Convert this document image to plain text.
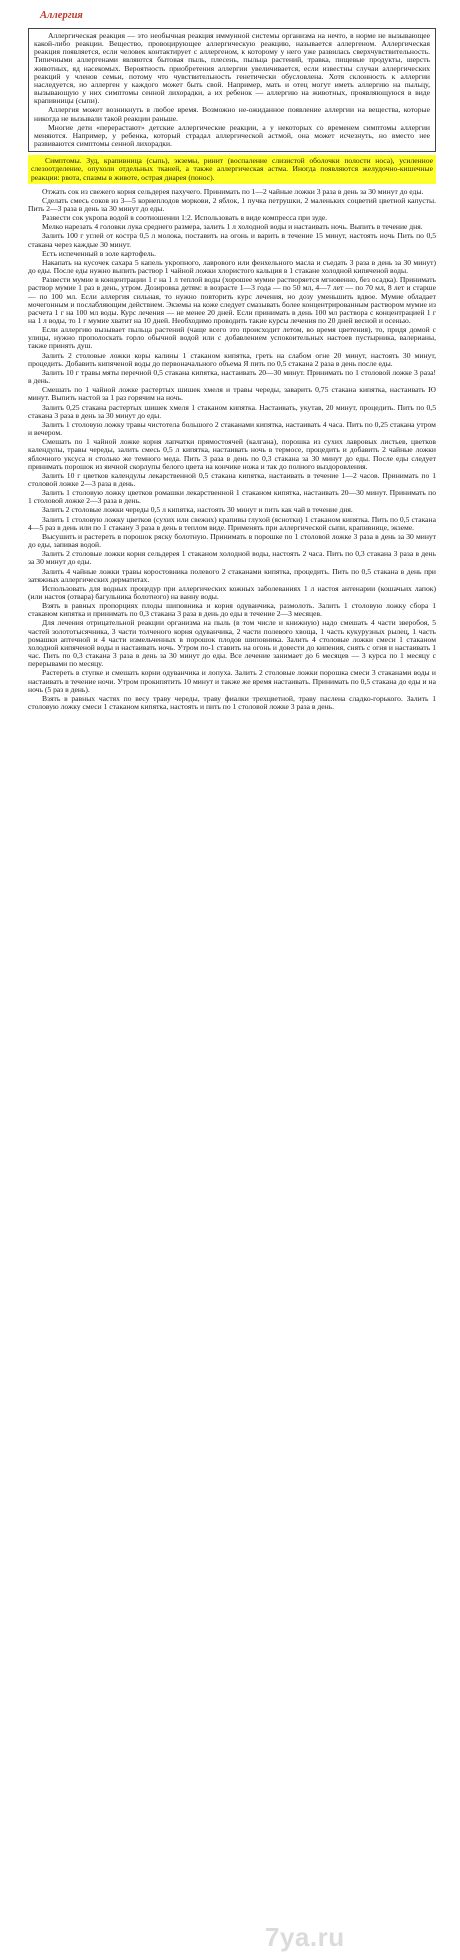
Аллергия

Аллергическая реакция — это необычная реакция иммунной системы организма на нечто, в норме не вызывающее какой-либо реакции. Вещество, провоцирующее аллергическую реакцию, называется аллергеном. Аллергическая реакция появляется, если человек контактирует с аллергеном, к которому у него уже развилась сверхчувствительность. Типичными аллергенами являются бытовая пыль, плесень, пыльца растений, травка, пищевые продукты, шерсть животных, яд насекомых. Вероятность приобретения аллергии увеличивается, если известны случаи аллергических реакций у членов семьи, потому что чувствительность генетически обусловлена. Хотя склонность к аллергии наследуется, но аллерген у каждого может быть свой. Например, мать и отец могут иметь аллергию на пыльцу, вызывающую у них симптомы сенной лихорадки, а их ребенок — аллергию на животных, проявляющуюся в виде крапивницы (сыпи).

Аллергия может возникнуть в любое время. Возможно не-ожиданное появление аллергии на вещества, которые никогда не вызывали такой реакции раньше.

Многие дети «перерастают» детские аллергические реакции, а у некоторых со временем симптомы аллергии меняются. Например, у ребенка, который страдал аллергической астмой, она может исчезнуть, но вместо нее развиваются симптомы сенной лихорадки.

Симптомы. Зуд, крапивница (сыпь), экземы, ринит (воспаление слизистой оболочки полости носа), усиленное слезоотделение, опухоли отдельных тканей, а также аллергическая астма. Иногда появляются желудочно-кишечные реакции: рвота, спазмы в животе, острая диарея (понос).

Отжать сок из свежего корня сельдерея пахучего. Принимать по 1—2 чайные ложки 3 раза в день за 30 минут до еды.

Сделать смесь соков из 3—5 корнеплодов моркови, 2 яблок, 1 пучка петрушки, 2 маленьких соцветий цветной капусты. Пить 2—3 раза в день за 30 минут до еды.

Развести сок укропа водой в соотношении 1:2. Использовать в виде компресса при зуде.

Мелко нарезать 4 головки лука среднего размера, залить 1 л холодной воды и настаивать ночь. Выпить в течение дня.

Залить 100 г углей от костра 0,5 л молока, поставить на огонь и варить в течение 15 минут, настоять ночь Пить по 0,5 стакана через каждые 30 минут.

Есть испеченный в золе картофель.

Накапать на кусочек сахара 5 капель укропного, лаврового или фенхельного масла и съедать 3 раза в день за 30 минут) до еды. После еды нужно выпить раствор 1 чайной ложки хлористого кальция в 1 стакане холодной кипяченой воды.

Развести мумие в концентрации 1 г на 1 л теплой воды (хорошее мумие растворяется мгновенно, без осадка). Принимать раствор мумие 1 раз в день, утром. Дозировка детям: в возрасте 1—3 года — по 50 мл, 4—7 лет — по 70 мл, 8 лет и старше — по 100 мл. Если аллергия сильная, то нужно повторить курс лечения, но дозу уменьшить вдвое. Мумие обладает мочегонным и послабляющим действием. Экземы на коже следует смазывать более концентрированным раствором мумие из расчета 1 г на 100 мл воды. Курс лечения — не менее 20 дней. Если принимать в день 100 мл раствора с концентрацией 1 г на 1 л воды, то 1 г мумие хватит на 10 дней. Необходимо проводить такие курсы лечения по 20 дней весной и осенью.

Если аллергию вызывает пыльца растений (чаще всего это происходит летом, во время цветения), то, придя домой с улицы, нужно прополоскать горло обычной водой или с добавлением успокоительных настоев пустырника, валерианы, также принять душ.

Залить 2 столовые ложки коры калины 1 стаканом кипятка, греть на слабом огне 20 минут, настоять 30 минут, процедить. Добавить кипяченой воды до первоначального объема Я пить по 0,5 стакана 2 раза в день после еды.

Залить 10 г травы мяты перечной 0,5 стакана кипятка, настаивать 20—30 минут. Принимать по 1 столовой ложке 3 раза! в день.

Смешать по 1 чайной ложке растертых шишек хмеля и травы череды, заварить 0,75 стакана кипятка, настаивать Ю минут. Выпить настой за 1 раз горячим на ночь.

Залить 0,25 стакана растертых шишек хмеля 1 стаканом кипятка. Настаивать, укутав, 20 минут, процедить. Пить по 0,5 стакана 3 раза в день за 30 минут до еды.

Залить 1 столовую ложку травы чистотела большого 2 стаканами кипятка, настаивать 4 часа. Пить по 0,25 стакана утром и вечером.

Смешать по 1 чайной ложке корня лапчатки прямостоячей (калгана), порошка из сухих лавровых листьев, цветков календулы, травы череды, залить смесь 0,5 л кипятка, настаивать ночь в термосе, процедить и добавить 2 чайные ложки яблочного уксуса и столько же темного меда. Пить 3 раза в день по 0,3 стакана за 30 минут до еды. После еды следует принимать порошок из яичной скорлупы белого цвета на кончике ножа и так до полного выздоровления.

Залить 10 г цветков календулы лекарственной 0,5 стакана кипятка, настаивать в течение 1—2 часов. Принимать по 1 столовой ложке 2—3 раза в день.

Залить 1 столовую ложку цветков ромашки лекарственной 1 стаканом кипятка, настаивать 20—30 минут. Принимать по 1 столовой ложке 2—3 раза в день.

Залить 2 столовые ложки череды 0,5 л кипятка, настоять 30 минут и пить как чай в течение дня.

Залить 1 столовую ложку цветков (сухих или свежих) крапивы глухой (яснотки) 1 стаканом кипятка. Пить по 0,5 стакана 4—5 раз в день или по 1 стакану 3 раза в день в теплом виде. Применять при аллергической сыпи, крапивнице, экземе.

Высушить и растереть в порошок ряску болотную. Принимать в порошке по 1 столовой ложке 3 раза в день за 30 минут до еды, запивая водой.

Залить 2 столовые ложки корня сельдерея 1 стаканом холодной воды, настоять 2 часа. Пить по 0,3 стакана 3 раза в день за 30 минут до еды.

Залить 4 чайные ложки травы коростовника полевого 2 стаканами кипятка, процедить. Пить по 0,5 стакана в день при затяжных аллергических дерматитах.

Использовать для водных процедур при аллергических кожных заболеваниях 1 л настоя антенарии (кошачьих лапок) (или настоя (отвара) багульника болотного) на ванну воды.

Взять в равных пропорциях плоды шиповника и корня одуванчика, размолоть. Залить 1 столовую ложку сбора 1 стаканом кипятка и принимать по 0,3 стакана 3 раза в день до еды в течение 2—3 месяцев.

Для лечения отрицательной реакции организма на пыль (в том числе и книжную) надо смешать 4 части зверобоя, 5 частей золототысячника, 3 части толченого корня одуванчика, 2 части полевого хвоща, 1 часть кукурузных рылец, 1 часть ромашки аптечной и 4 части измельченных в порошок плодов шиповника. Залить 4 столовые ложки смеси 1 стаканом холодной кипяченой воды и настаивать ночь. Утром по-1 ставить на огонь и довести до кипения, снять с огня и настаивать 1 час. Пить по 0,3 стакана 3 раза в день за 30 минут до еды. Все лечение занимает до 6 месяцев — 3 курса по 1 месяцу с перерывами по месяцу.

Растереть в ступке и смешать корни одуванчика и лопуха. Залить 2 столовые ложки порошка смеси 3 стаканами воды и настаивать в течение ночи. Утром прокипятить 10 минут и также же время настаивать. Принимать по 0,5 стакана до еды и на ночь (5 раз в день).

Взять в равных частях по весу траву череды, траву фиалки трехцветной, траву паслена сладко-горького. Залить 1 столовую ложку смеси 1 стаканом кипятка, настоять и пить по 1 столовой ложке 3 раза в день.

7ya.ru
